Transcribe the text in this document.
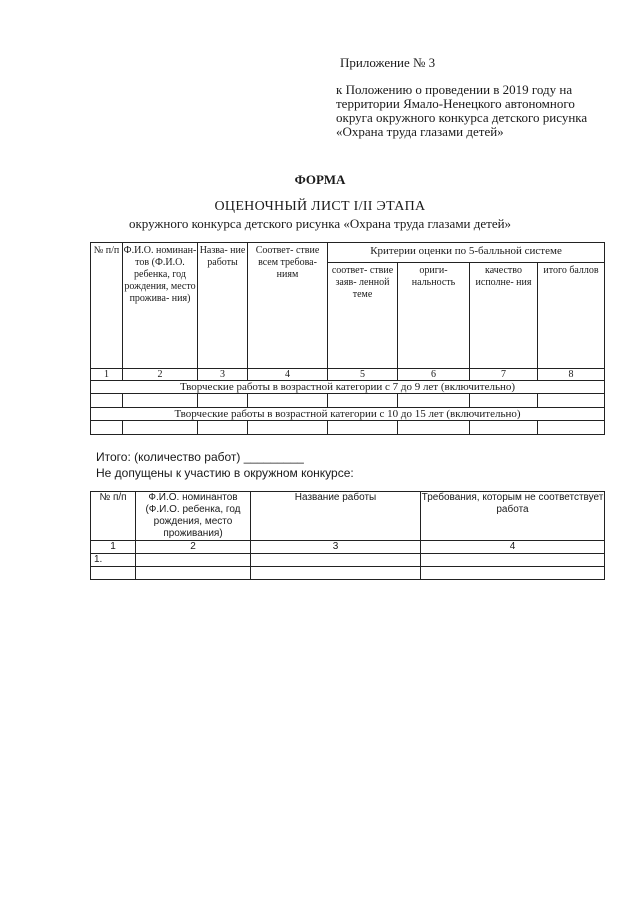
Приложение № 3
к Положению о проведении в 2019 году на территории Ямало-Ненецкого автономного округа окружного конкурса детского рисунка «Охрана труда глазами детей»
ФОРМА
ОЦЕНОЧНЫЙ ЛИСТ I/II ЭТАПА
окружного конкурса детского рисунка «Охрана труда глазами детей»
№ п/п	Ф.И.О. номинан- тов (Ф.И.О. ребенка, год рождения, место прожива- ния)	Назва- ние работы	Соответ- ствие всем требова- ниям	Критерии оценки по 5-балльной системе			
				соответ- ствие заяв- ленной теме	ориги- нальность	качество исполне- ния	итого баллов
1	2	3	4	5	6	7	8
Творческие работы в возрастной категории с 7 до 9 лет (включительно)							

Творческие работы в возрастной категории с 10 до 15 лет (включительно)							

Итого: (количество работ) _________
Не допущены к участию в окружном конкурсе:
№ п/п	Ф.И.О. номинантов (Ф.И.О. ребенка, год рождения, место проживания)	Название работы	Требования, которым не соответствует работа
1	2	3	4
1.			
